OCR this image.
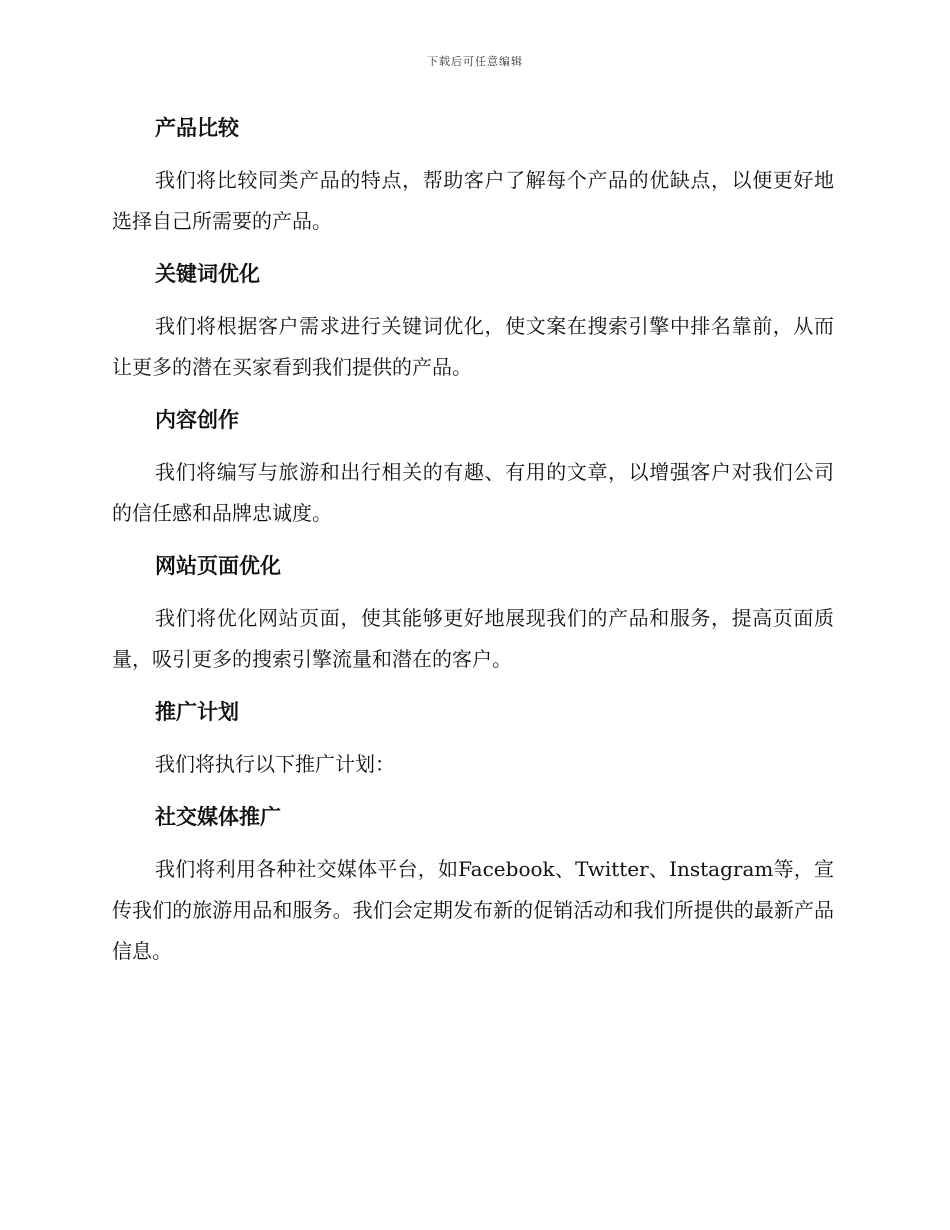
下载后可任意编辑
产品比较

我们将比较同类产品的特点，帮助客户了解每个产品的优缺点，以便更好地选择自己所需要的产品。

关键词优化

我们将根据客户需求进行关键词优化，使文案在搜索引擎中排名靠前，从而让更多的潜在买家看到我们提供的产品。

内容创作

我们将编写与旅游和出行相关的有趣、有用的文章，以增强客户对我们公司的信任感和品牌忠诚度。

网站页面优化

我们将优化网站页面，使其能够更好地展现我们的产品和服务，提高页面质量，吸引更多的搜索引擎流量和潜在的客户。

推广计划

我们将执行以下推广计划：

社交媒体推广

我们将利用各种社交媒体平台，如Facebook、Twitter、Instagram等，宣传我们的旅游用品和服务。我们会定期发布新的促销活动和我们所提供的最新产品信息。
